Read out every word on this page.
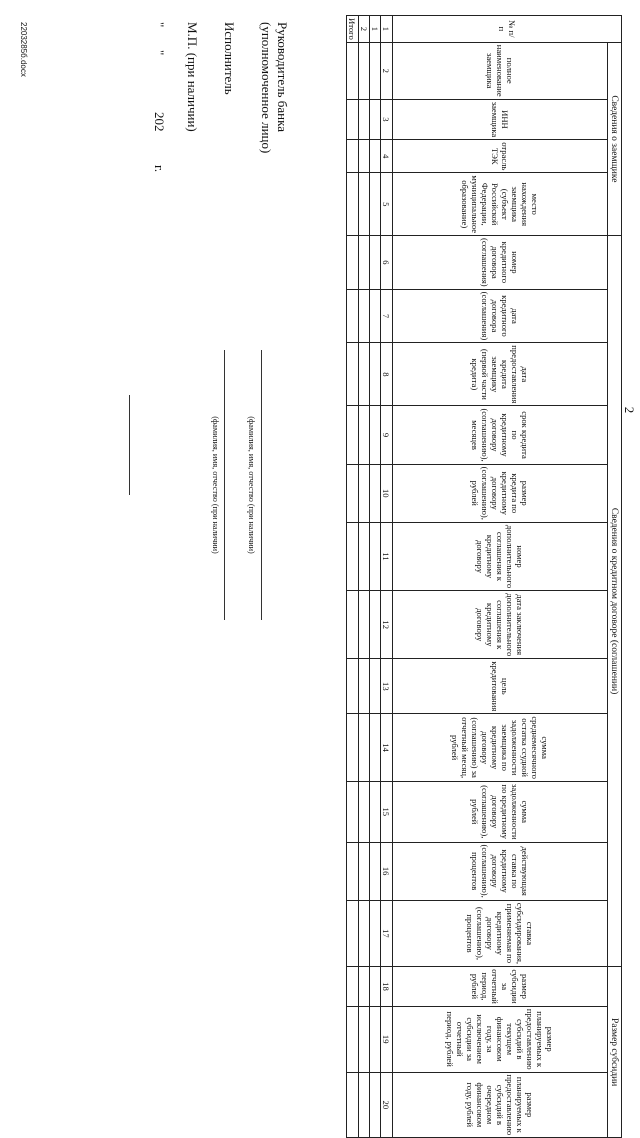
2
№ п/п	Сведения о заемщике				Сведения о кредитном договоре (соглашении)												Размер субсидии		
	полное наименование заемщика	ИНН заемщика	отрасль ТЭК	место нахождения заемщика (субъект Российской Федерации, муниципальное образование)	номер кредитного договора (соглашения)	дата кредитного договора (соглашения)	дата предоставления кредита заемщику (первой части кредита)	срок кредита по кредитному договору (соглашению), месяцев	размер кредита по кредитному договору (соглашению), рублей	номер дополнительного соглашения к кредитному договору	дата заключения дополнительного соглашения к кредитному договору	цель кредитования	сумма среднемесячного остатка ссудной задолженности заемщика по кредитному договору (соглашению) за отчетный месяц, рублей	сумма задолженности по кредитному договору (соглашению), рублей	действующая ставка по кредитному договору (соглашению), процентов	ставка субсидирования, применяемая по кредитному договору (соглашению), процентов	размер субсидии за отчетный период, рублей	размер планируемых к предоставлению субсидий в текущем финансовом году, за исключением субсидии за отчетный период, рублей	размер планируемых к предоставлению субсидий в очередном финансовом году, рублей
1	2	3	4	5	6	7	8	9	10	11	12	13	14	15	16	17	18	19	20
1																			
2																			
Итого																			
Руководитель банка
(уполномоченное лицо)
(фамилия, имя, отчество (при наличии)
Исполнитель
(фамилия, имя, отчество (при наличии)
М.П. (при наличии)
"
"
202
г.
2203285б.docx
